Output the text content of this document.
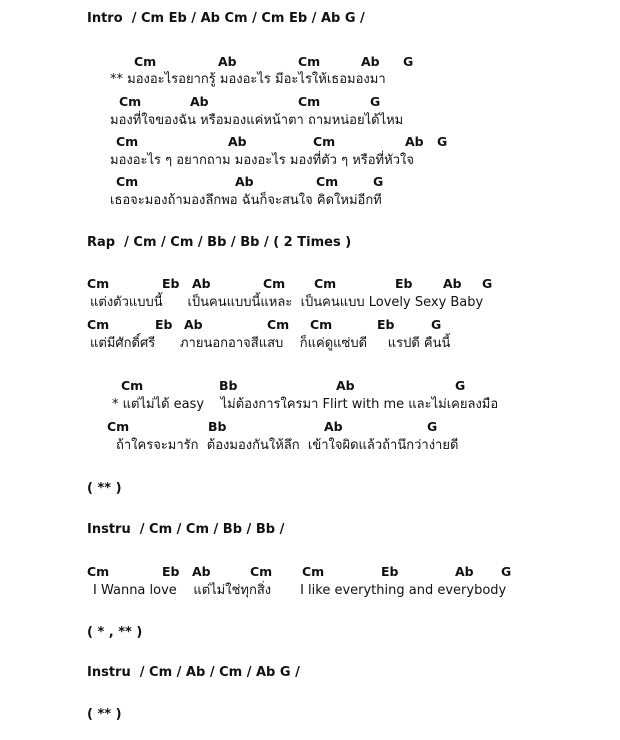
Intro  / Cm Eb / Ab Cm / Cm Eb / Ab G /
Cm	Ab	Cm	Ab G
** มองอะไรอยากรู้ มองอะไร มีอะไรให้เธอมองมา
Cm	Ab	Cm	G
มองที่ใจของฉัน หรือมองแค่หน้าตา ถามหน่อยได้ไหม
Cm	Ab	Cm	Ab G
มองอะไร ๆ อยากถาม มองอะไร มองที่ตัว ๆ หรือที่หัวใจ
Cm	Ab	Cm	G
เธอจะมองถ้ามองลึกพอ ฉันก็จะสนใจ คิดใหม่อีกที
Rap  / Cm / Cm / Bb / Bb / ( 2 Times )
Cm	Eb Ab	Cm Cm	Eb Ab G
แต่งตัวแบบนี้      เป็นคนแบบนี้แหละ  เป็นคนแบบ Lovely Sexy Baby
Cm	Eb Ab	Cm Cm	Eb	G
แต่มีศักดิ์ศรี      ภายนอกอาจสีแสบ    ก็แค่ดูแซ่บดี     แรปดี คืนนี้
Cm	Bb	Ab	G
* แต่ไม่ได้ easy    ไม่ต้องการใครมา Flirt with me และไม่เคยลงมือ
Cm	Bb	Ab	G
ถ้าใครจะมารัก  ต้องมองกันให้ลึก  เข้าใจผิดแล้วถ้านึกว่าง่ายดี
( ** )
Instru  / Cm / Cm / Bb / Bb /
Cm	Eb Ab	Cm Cm	Eb	Ab G
I Wanna love    แต่ไม่ใช่ทุกสิ่ง       I like everything and everybody
( * , ** )
Instru  / Cm / Ab / Cm / Ab G /
( ** )
